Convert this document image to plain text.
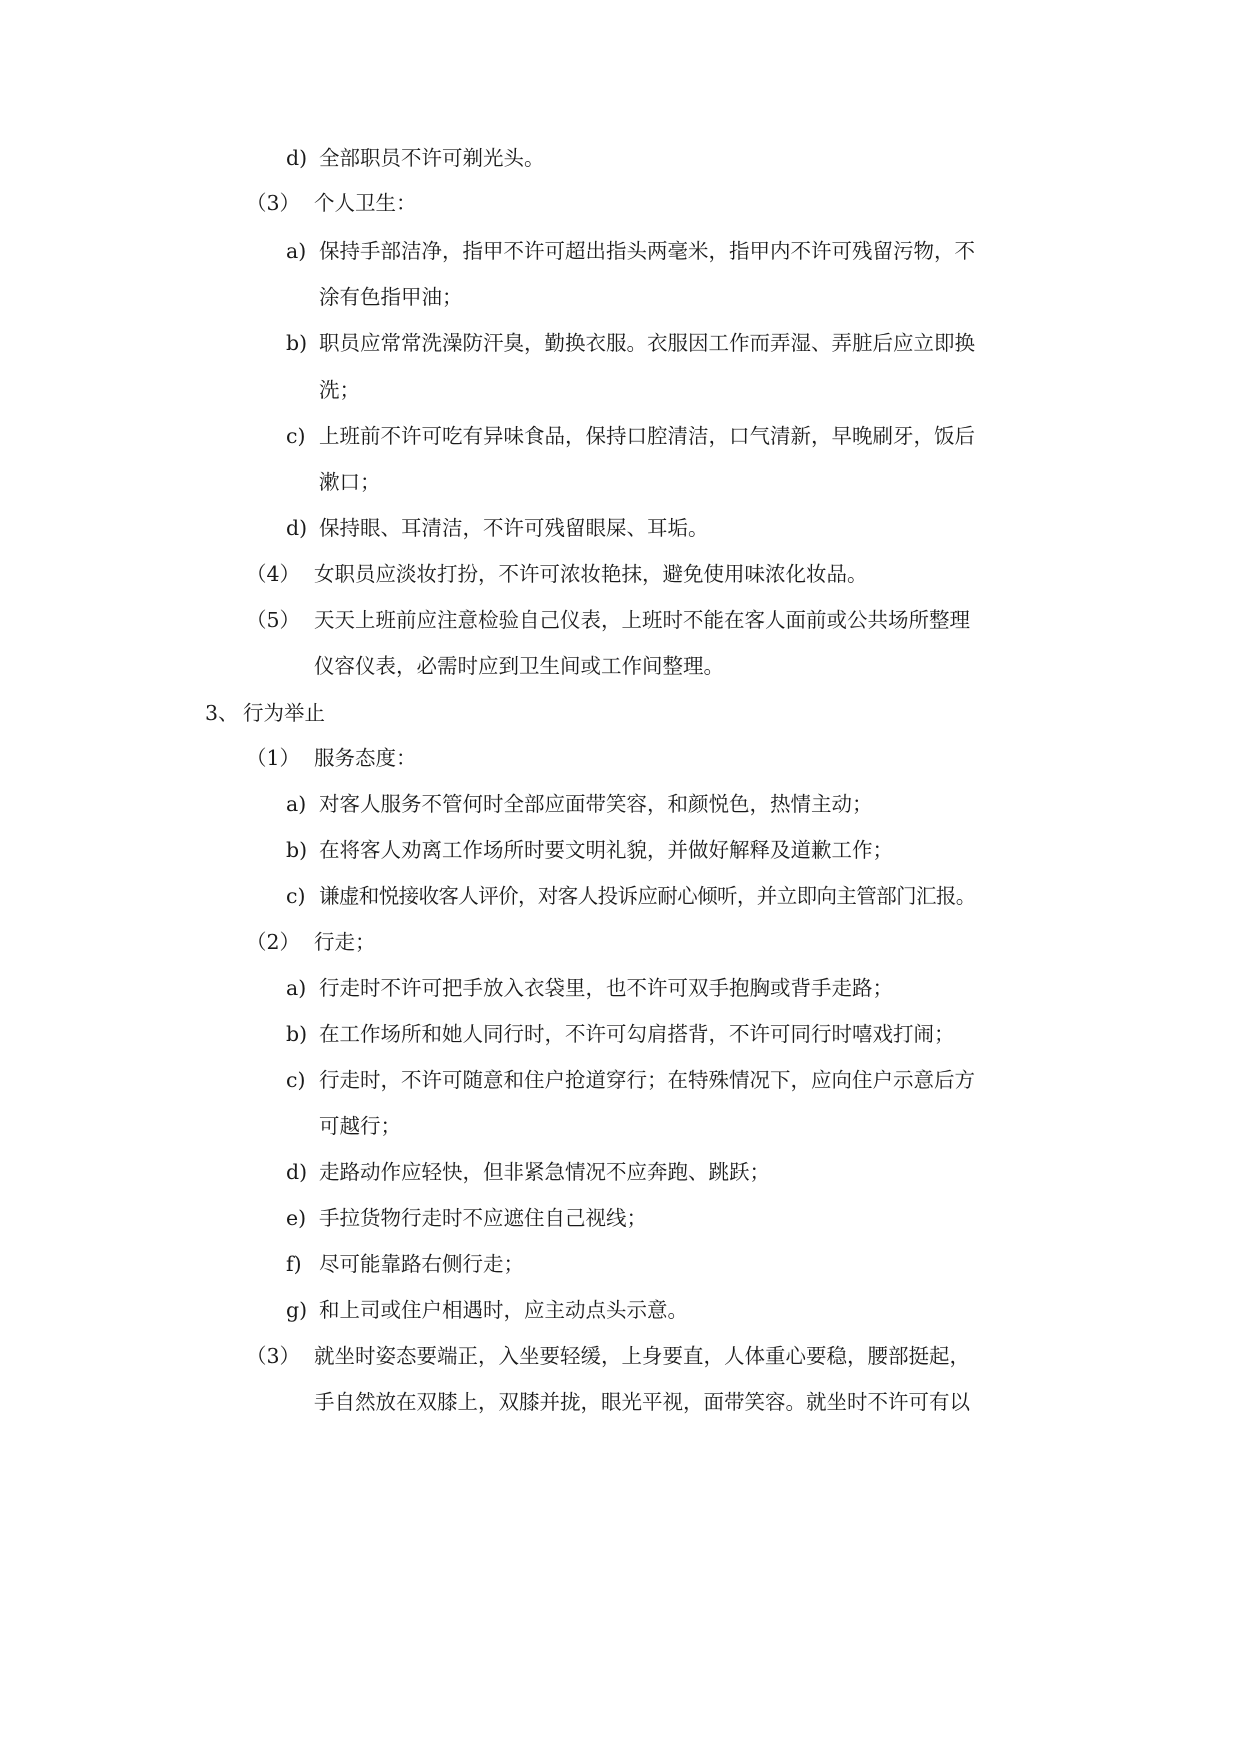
d) 全部职员不许可剃光头。
（3） 个人卫生：
a) 保持手部洁净，指甲不许可超出指头两毫米，指甲内不许可残留污物，不
涂有色指甲油；
b) 职员应常常洗澡防汗臭，勤换衣服。衣服因工作而弄湿、弄脏后应立即换
洗；
c) 上班前不许可吃有异味食品，保持口腔清洁，口气清新，早晚刷牙，饭后
漱口；
d) 保持眼、耳清洁，不许可残留眼屎、耳垢。
（4） 女职员应淡妆打扮，不许可浓妆艳抹，避免使用味浓化妆品。
（5） 天天上班前应注意检验自己仪表，上班时不能在客人面前或公共场所整理
仪容仪表，必需时应到卫生间或工作间整理。
3、 行为举止
（1） 服务态度：
a) 对客人服务不管何时全部应面带笑容，和颜悦色，热情主动；
b) 在将客人劝离工作场所时要文明礼貌，并做好解释及道歉工作；
c) 谦虚和悦接收客人评价，对客人投诉应耐心倾听，并立即向主管部门汇报。
（2） 行走；
a) 行走时不许可把手放入衣袋里，也不许可双手抱胸或背手走路；
b) 在工作场所和她人同行时，不许可勾肩搭背，不许可同行时嘻戏打闹；
c) 行走时，不许可随意和住户抢道穿行；在特殊情况下，应向住户示意后方
可越行；
d) 走路动作应轻快，但非紧急情况不应奔跑、跳跃；
e) 手拉货物行走时不应遮住自己视线；
f) 尽可能靠路右侧行走；
g) 和上司或住户相遇时，应主动点头示意。
（3） 就坐时姿态要端正，入坐要轻缓，上身要直，人体重心要稳，腰部挺起，
手自然放在双膝上，双膝并拢，眼光平视，面带笑容。就坐时不许可有以
